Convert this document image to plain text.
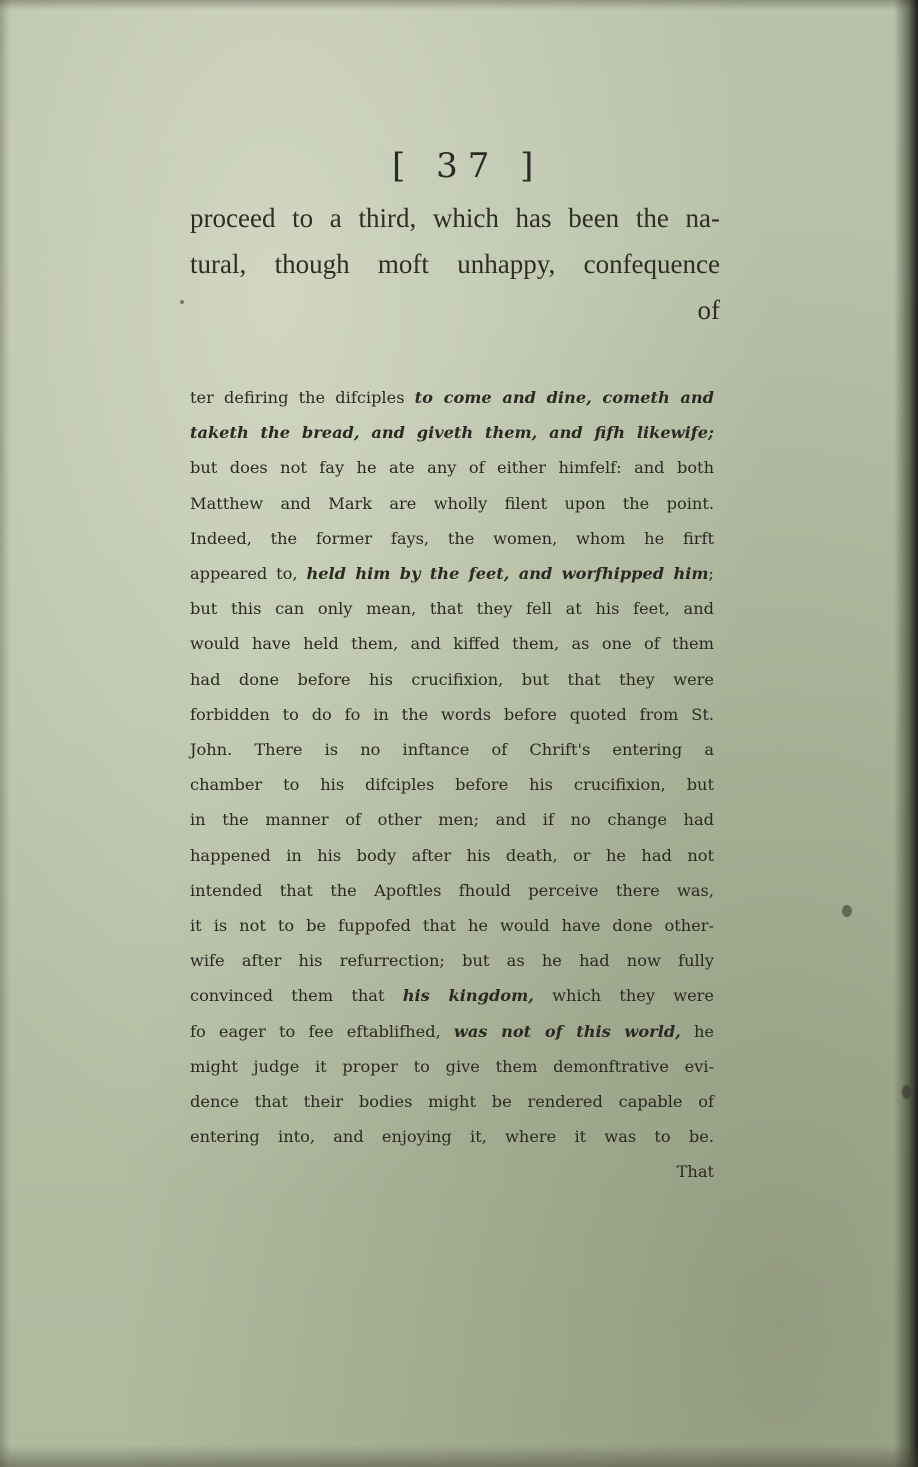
[ 37 ]
proceed to a third, which has been the na-
tural, though moft unhappy, confequence
of
ter defiring the difciples to come and dine, cometh and
taketh the bread, and giveth them, and fifh likewife;
but does not fay he ate any of either himfelf: and both
Matthew and Mark are wholly filent upon the point.
Indeed, the former fays, the women, whom he firft
appeared to, held him by the feet, and worfhipped him;
but this can only mean, that they fell at his feet, and
would have held them, and kiffed them, as one of them
had done before his crucifixion, but that they were
forbidden to do fo in the words before quoted from St.
John. There is no inftance of Chrift's entering a
chamber to his difciples before his crucifixion, but
in the manner of other men; and if no change had
happened in his body after his death, or he had not
intended that the Apoftles fhould perceive there was,
it is not to be fuppofed that he would have done other-
wife after his refurrection; but as he had now fully
convinced them that his kingdom, which they were
fo eager to fee eftablifhed, was not of this world, he
might judge it proper to give them demonftrative evi-
dence that their bodies might be rendered capable of
entering into, and enjoying it, where it was to be.
That
